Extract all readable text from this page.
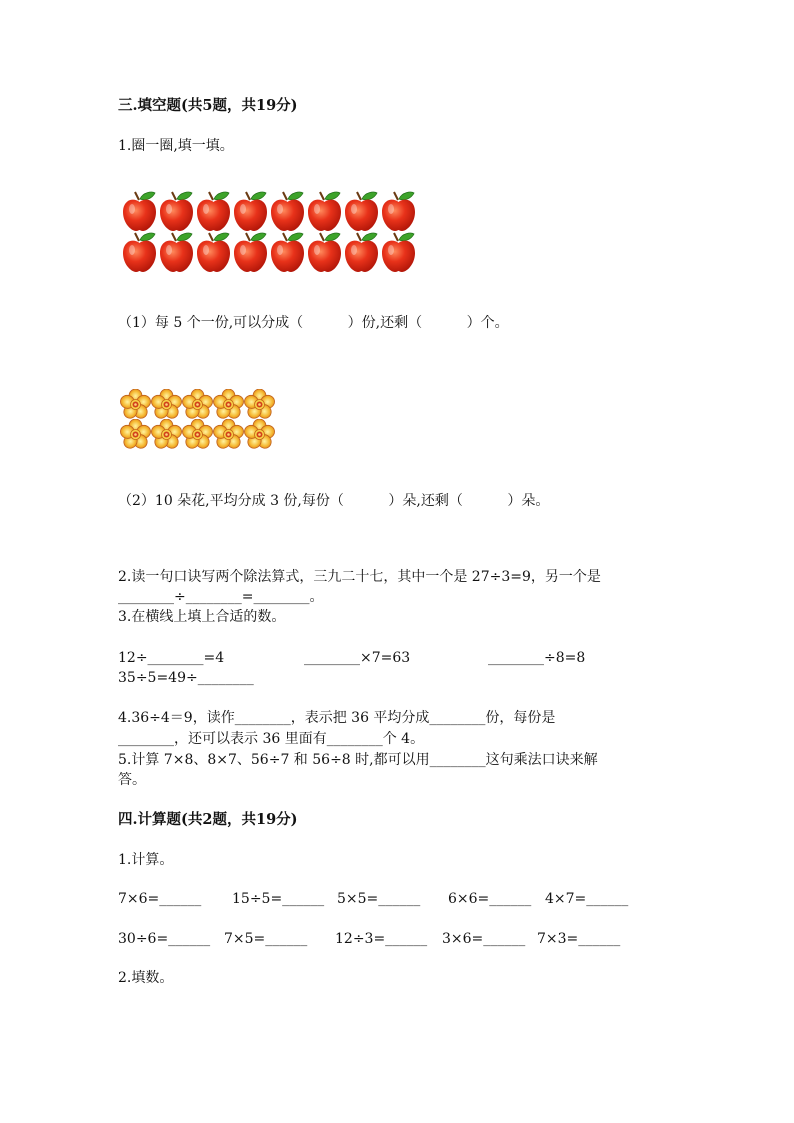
三.填空题(共5题，共19分)
1.圈一圈,填一填。
（1）每 5 个一份,可以分成（          ）份,还剩（          ）个。
（2）10 朵花,平均分成 3 份,每份（          ）朵,还剩（          ）朵。
2.读一句口诀写两个除法算式，三九二十七，其中一个是 27÷3=9，另一个是
________÷________=________。
3.在横线上填上合适的数。
12÷________=4	________×7=63	________÷8=8
35÷5=49÷________
4.36÷4＝9，读作________，表示把 36 平均分成________份，每份是
________，还可以表示 36 里面有________个 4。
5.计算 7×8、8×7、56÷7 和 56÷8 时,都可以用________这句乘法口诀来解
答。
四.计算题(共2题，共19分)
1.计算。
7×6=______ 15÷5=______ 5×5=______ 6×6=______ 4×7=______
30÷6=______ 7×5=______ 12÷3=______ 3×6=______ 7×3=______
2.填数。
